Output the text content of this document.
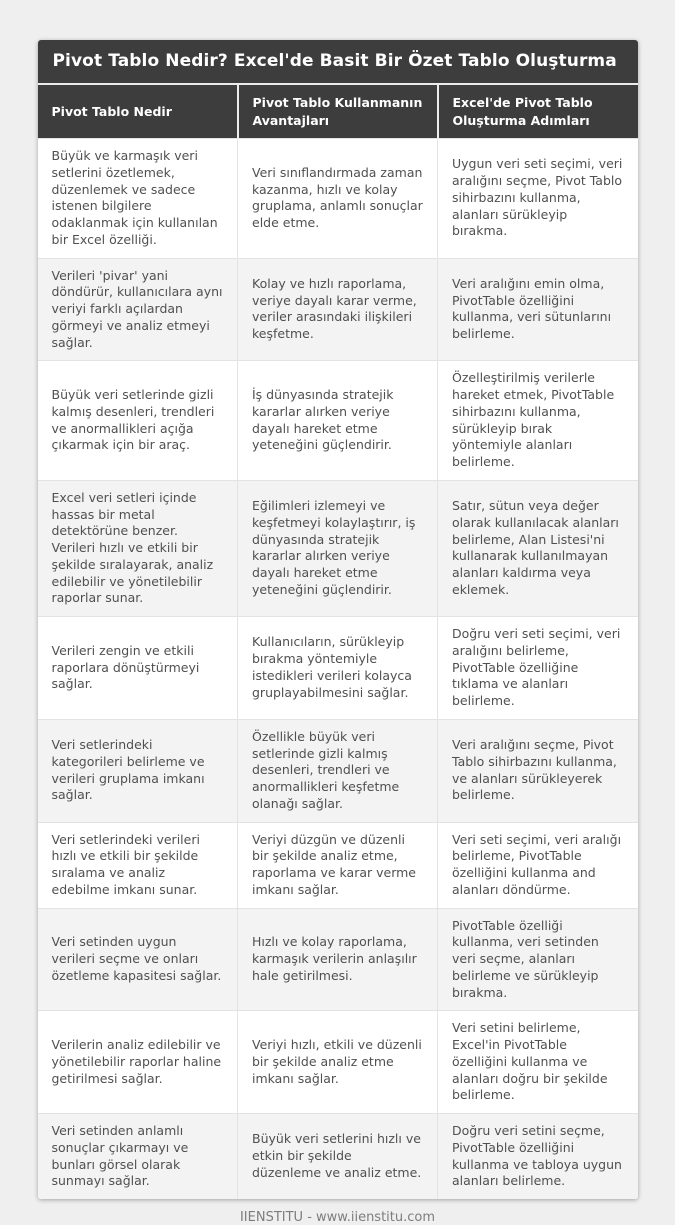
Pivot Tablo Nedir? Excel'de Basit Bir Özet Tablo Oluşturma
Pivot Tablo Nedir	Pivot Tablo Kullanmanın Avantajları	Excel'de Pivot Tablo Oluşturma Adımları
Büyük ve karmaşık veri setlerini özetlemek, düzenlemek ve sadece istenen bilgilere odaklanmak için kullanılan bir Excel özelliği.	Veri sınıflandırmada zaman kazanma, hızlı ve kolay gruplama, anlamlı sonuçlar elde etme.	Uygun veri seti seçimi, veri aralığını seçme, Pivot Tablo sihirbazını kullanma, alanları sürükleyip bırakma.
Verileri 'pivar' yani döndürür, kullanıcılara aynı veriyi farklı açılardan görmeyi ve analiz etmeyi sağlar.	Kolay ve hızlı raporlama, veriye dayalı karar verme, veriler arasındaki ilişkileri keşfetme.	Veri aralığını emin olma, PivotTable özelliğini kullanma, veri sütunlarını belirleme.
Büyük veri setlerinde gizli kalmış desenleri, trendleri ve anormallikleri açığa çıkarmak için bir araç.	İş dünyasında stratejik kararlar alırken veriye dayalı hareket etme yeteneğini güçlendirir.	Özelleştirilmiş verilerle hareket etmek, PivotTable sihirbazını kullanma, sürükleyip bırak yöntemiyle alanları belirleme.
Excel veri setleri içinde hassas bir metal detektörüne benzer. Verileri hızlı ve etkili bir şekilde sıralayarak, analiz edilebilir ve yönetilebilir raporlar sunar.	Eğilimleri izlemeyi ve keşfetmeyi kolaylaştırır, iş dünyasında stratejik kararlar alırken veriye dayalı hareket etme yeteneğini güçlendirir.	Satır, sütun veya değer olarak kullanılacak alanları belirleme, Alan Listesi'ni kullanarak kullanılmayan alanları kaldırma veya eklemek.
Verileri zengin ve etkili raporlara dönüştürmeyi sağlar.	Kullanıcıların, sürükleyip bırakma yöntemiyle istedikleri verileri kolayca gruplayabilmesini sağlar.	Doğru veri seti seçimi, veri aralığını belirleme, PivotTable özelliğine tıklama ve alanları belirleme.
Veri setlerindeki kategorileri belirleme ve verileri gruplama imkanı sağlar.	Özellikle büyük veri setlerinde gizli kalmış desenleri, trendleri ve anormallikleri keşfetme olanağı sağlar.	Veri aralığını seçme, Pivot Tablo sihirbazını kullanma, ve alanları sürükleyerek belirleme.
Veri setlerindeki verileri hızlı ve etkili bir şekilde sıralama ve analiz edebilme imkanı sunar.	Veriyi düzgün ve düzenli bir şekilde analiz etme, raporlama ve karar verme imkanı sağlar.	Veri seti seçimi, veri aralığı belirleme, PivotTable özelliğini kullanma and alanları döndürme.
Veri setinden uygun verileri seçme ve onları özetleme kapasitesi sağlar.	Hızlı ve kolay raporlama, karmaşık verilerin anlaşılır hale getirilmesi.	PivotTable özelliği kullanma, veri setinden veri seçme, alanları belirleme ve sürükleyip bırakma.
Verilerin analiz edilebilir ve yönetilebilir raporlar haline getirilmesi sağlar.	Veriyi hızlı, etkili ve düzenli bir şekilde analiz etme imkanı sağlar.	Veri setini belirleme, Excel'in PivotTable özelliğini kullanma ve alanları doğru bir şekilde belirleme.
Veri setinden anlamlı sonuçlar çıkarmayı ve bunları görsel olarak sunmayı sağlar.	Büyük veri setlerini hızlı ve etkin bir şekilde düzenleme ve analiz etme.	Doğru veri setini seçme, PivotTable özelliğini kullanma ve tabloya uygun alanları belirleme.
IIENSTITU - www.iienstitu.com
